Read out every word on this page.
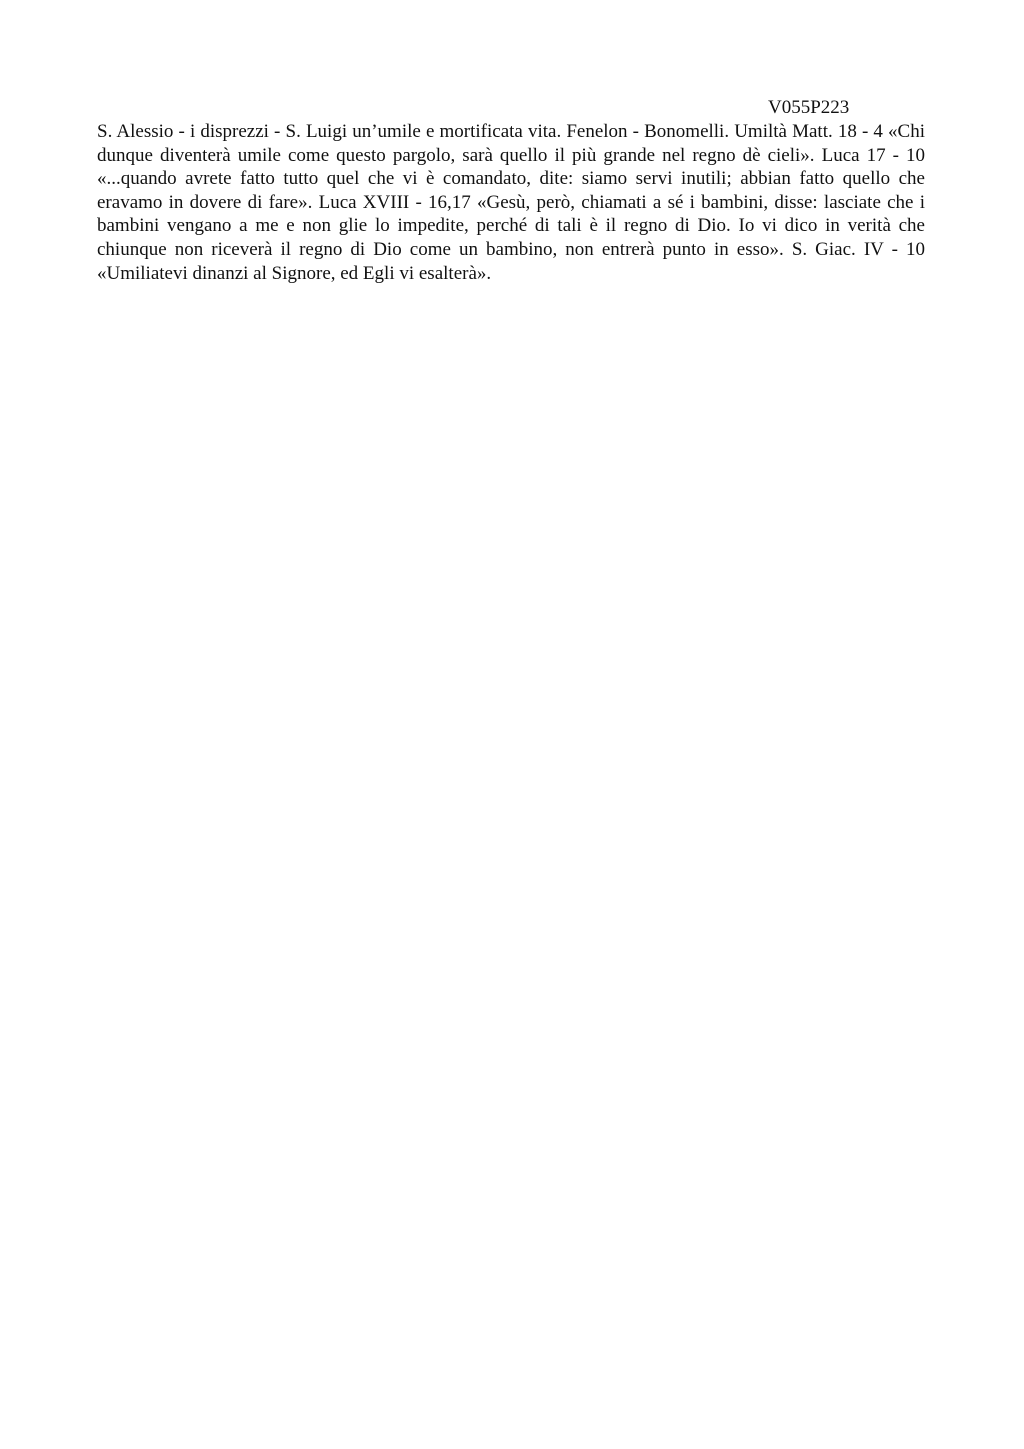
V055P223

S. Alessio - i disprezzi - S. Luigi un’umile e mortificata vita. Fenelon - Bonomelli. Umiltà Matt. 18 - 4 «Chi dunque diventerà umile come questo pargolo, sarà quello il più grande nel regno dè cieli». Luca 17 - 10 «...quando avrete fatto tutto quel che vi è comandato, dite: siamo servi inutili; abbian fatto quello che eravamo in dovere di fare». Luca XVIII - 16,17 «Gesù, però, chiamati a sé i bambini, disse: lasciate che i bambini vengano a me e non glie lo impedite, perché di tali è il regno di Dio. Io vi dico in verità che chiunque non riceverà il regno di Dio come un bambino, non entrerà punto in esso». S. Giac. IV - 10 «Umiliatevi dinanzi al Signore, ed Egli vi esalterà».
